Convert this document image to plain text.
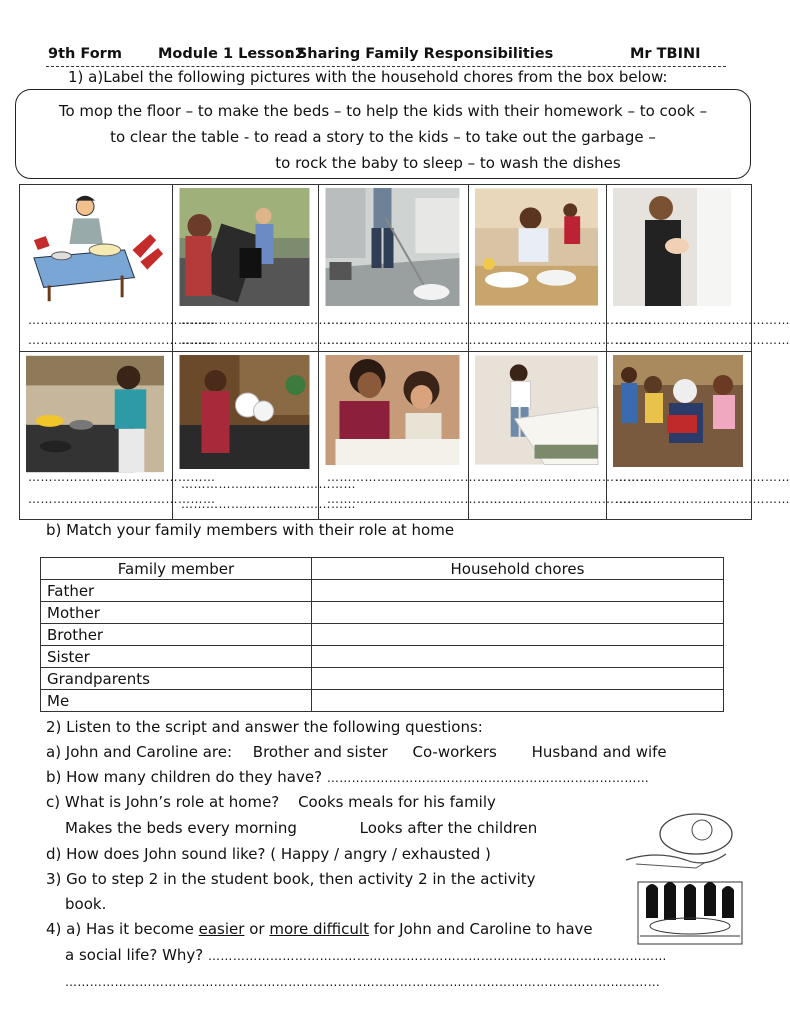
9th Form Module 1 Lesson2
: Sharing Family Responsibilities	Mr TBINI
1) a)Label the following pictures with the household chores from the box below:
To mop the floor – to make the beds – to help the kids with their homework – to cook –
to clear the table - to read a story to the kids – to take out the garbage –
to rock the baby to sleep – to wash the dishes
………………………………………
………………………………………
……………………………………
……………………………………
………………………………………
………………………………………
……………………………………
……………………………………
……………………………………
……………………………………
………………………………………
………………………………………
……………………………………
……………………………………
………………………………………
………………………………………
……………………………………
……………………………………
……………………………………
……………………………………
b) Match your family members with their role at home
Family member	Household chores
Father	
Mother	
Brother	
Sister	
Grandparents	
Me	
2) Listen to the script and answer the following questions:
a) John and Caroline are: Brother and sister Co-workers Husband and wife
b) How many children do they have? ……………………………………………………………………
c) What is John’s role at home? Cooks meals for his family
Makes the beds every morning	Looks after the children
d) How does John sound like? ( Happy / angry / exhausted )
3) Go to step 2 in the student book, then activity 2 in the activity
book.
4) a) Has it become easier or more difficult for John and Caroline to have
a social life? Why? …………………………………………………………………………………………………
………………………………………………………………………………………………………………………………
